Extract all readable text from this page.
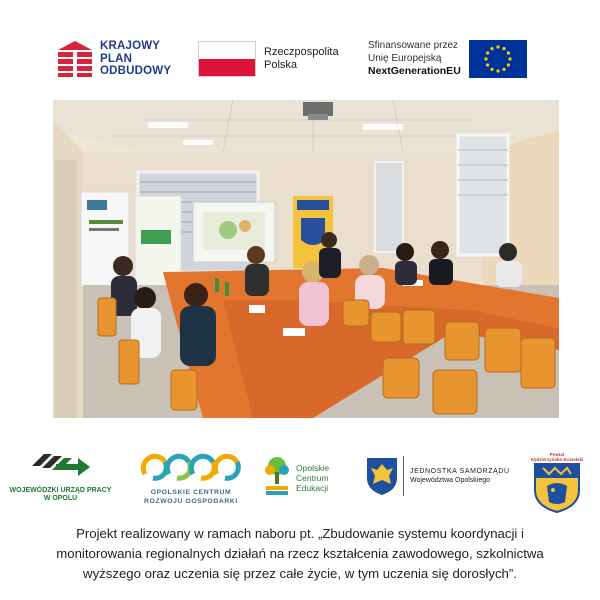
KRAJOWY
PLAN
ODBUDOWY
Rzeczpospolita
Polska
Sfinansowane przez
Unię Europejską
NextGenerationEU
WOJEWÓDZKI URZĄD PRACY
W OPOLU
OPOLSKIE CENTRUM
ROZWOJU GOSPODARKI
Opolskie
Centrum
Edukacji
JEDNOSTKA SAMORZĄDU
Województwa Opolskiego
Powiat
Kędzierzyńsko-Kozielski
Projekt realizowany w ramach naboru pt. „Zbudowanie systemu koordynacji i
monitorowania regionalnych działań na rzecz kształcenia zawodowego, szkolnictwa
wyższego oraz uczenia się przez całe życie, w tym uczenia się dorosłych”.
